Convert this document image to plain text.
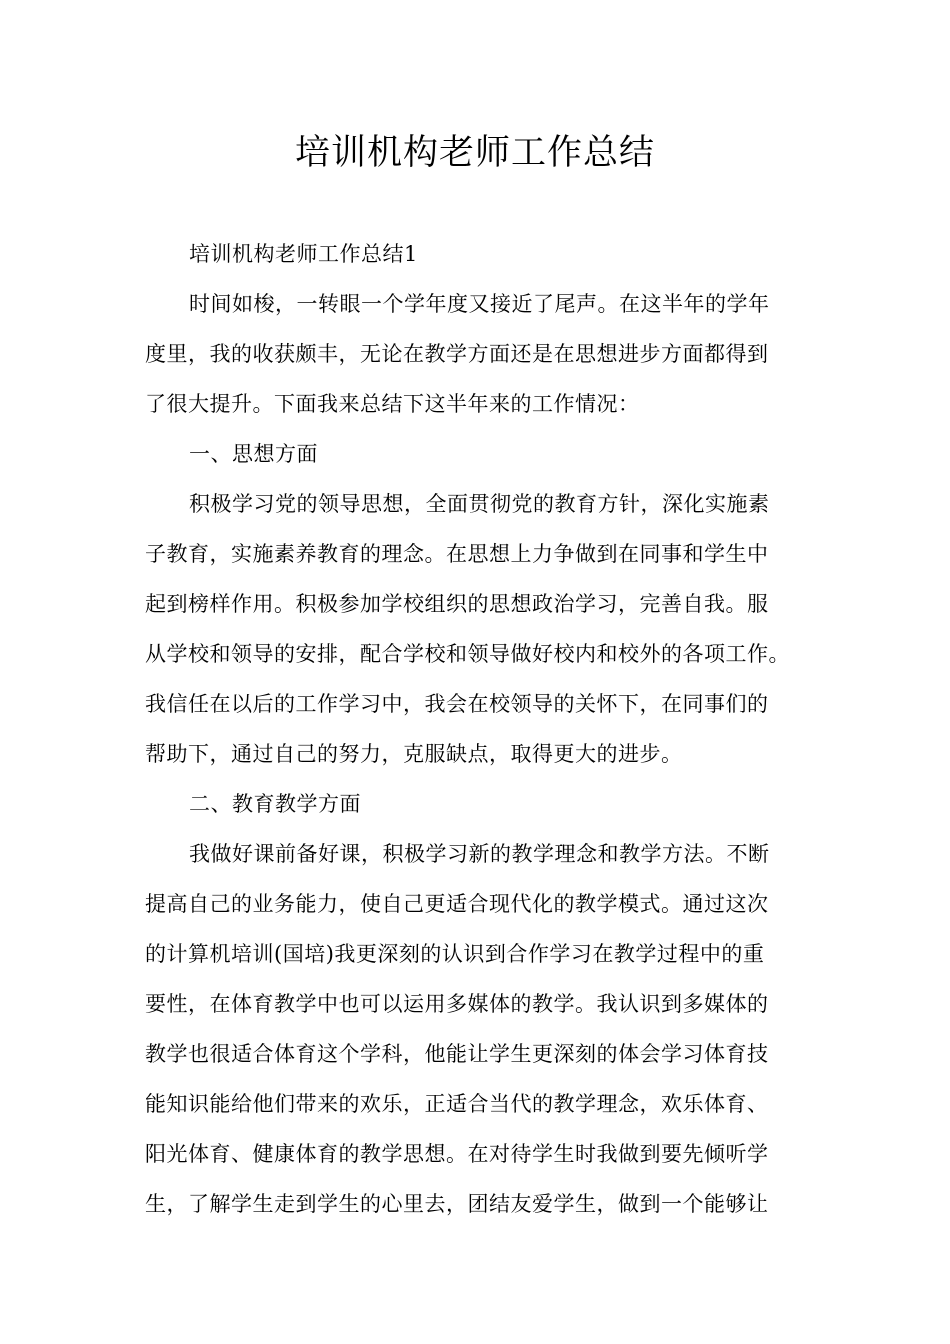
培训机构老师工作总结

培训机构老师工作总结1

时间如梭，一转眼一个学年度又接近了尾声。在这半年的学年
度里，我的收获颇丰，无论在教学方面还是在思想进步方面都得到
了很大提升。下面我来总结下这半年来的工作情况：

一、思想方面

积极学习党的领导思想，全面贯彻党的教育方针，深化实施素
子教育，实施素养教育的理念。在思想上力争做到在同事和学生中
起到榜样作用。积极参加学校组织的思想政治学习，完善自我。服
从学校和领导的安排，配合学校和领导做好校内和校外的各项工作。
我信任在以后的工作学习中，我会在校领导的关怀下，在同事们的
帮助下，通过自己的努力，克服缺点，取得更大的进步。

二、教育教学方面

我做好课前备好课，积极学习新的教学理念和教学方法。不断
提高自己的业务能力，使自己更适合现代化的教学模式。通过这次
的计算机培训(国培)我更深刻的认识到合作学习在教学过程中的重
要性，在体育教学中也可以运用多媒体的教学。我认识到多媒体的
教学也很适合体育这个学科，他能让学生更深刻的体会学习体育技
能知识能给他们带来的欢乐，正适合当代的教学理念，欢乐体育、
阳光体育、健康体育的教学思想。在对待学生时我做到要先倾听学
生，了解学生走到学生的心里去，团结友爱学生，做到一个能够让
